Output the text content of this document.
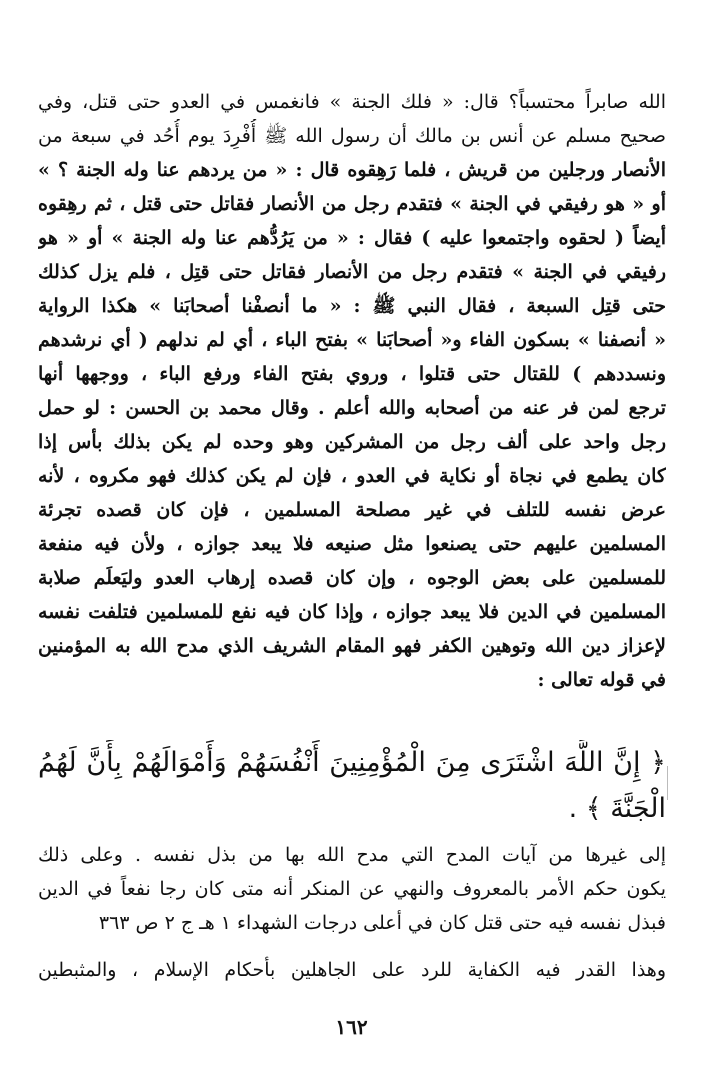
الله صابراً محتسباً؟ قال: « فلك الجنة » فانغمس في العدو حتى قتل، وفي
صحيح مسلم عن أنس بن مالك أن رسول الله ﷺ أُفْرِدَ يوم أُحُد في سبعة من
الأنصار ورجلين من قريش ، فلما رَهِقوه قال : « من يردهم عنا وله الجنة ؟ »
أو « هو رفيقي في الجنة » فتقدم رجل من الأنصار فقاتل حتى قتل ، ثم رهِقوه
أيضاً ( لحقوه واجتمعوا عليه ) فقال : « من يَرُدُّهم عنا وله الجنة » أو « هو
رفيقي في الجنة » فتقدم رجل من الأنصار فقاتل حتى قتِل ، فلم يزل كذلك
حتى قتِل السبعة ، فقال النبي ﷺ : « ما أنصفْنا أصحابَنا » هكذا الرواية
« أنصفنا » بسكون الفاء و« أصحابَنا » بفتح الباء ، أي لم ندلهم ( أي نرشدهم
ونسددهم ) للقتال حتى قتلوا ، وروي بفتح الفاء ورفع الباء ، ووجهها أنها
ترجع لمن فر عنه من أصحابه والله أعلم . وقال محمد بن الحسن : لو حمل
رجل واحد على ألف رجل من المشركين وهو وحده لم يكن بذلك بأس إذا
كان يطمع في نجاة أو نكاية في العدو ، فإن لم يكن كذلك فهو مكروه ، لأنه
عرض نفسه للتلف في غير مصلحة المسلمين ، فإن كان قصده تجرئة
المسلمين عليهم حتى يصنعوا مثل صنيعه فلا يبعد جوازه ، ولأن فيه منفعة
للمسلمين على بعض الوجوه ، وإن كان قصده إرهاب العدو وليَعلَم صلابة
المسلمين في الدين فلا يبعد جوازه ، وإذا كان فيه نفع للمسلمين فتلفت نفسه
لإعزاز دين الله وتوهين الكفر فهو المقام الشريف الذي مدح الله به المؤمنين
في قوله تعالى :
﴿ إِنَّ اللَّهَ اشْتَرَى مِنَ الْمُؤْمِنِينَ أَنْفُسَهُمْ وَأَمْوَالَهُمْ بِأَنَّ لَهُمُ
الْجَنَّةَ ﴾ .
إلى غيرها من آيات المدح التي مدح الله بها من بذل نفسه . وعلى ذلك
يكون حكم الأمر بالمعروف والنهي عن المنكر أنه متى كان رجا نفعاً في الدين
فبذل نفسه فيه حتى قتل كان في أعلى درجات الشهداء ١ هـ ج ٢ ص ٣٦٣
وهذا القدر فيه الكفاية للرد على الجاهلين بأحكام الإسلام ، والمثبطين
١٦٢
